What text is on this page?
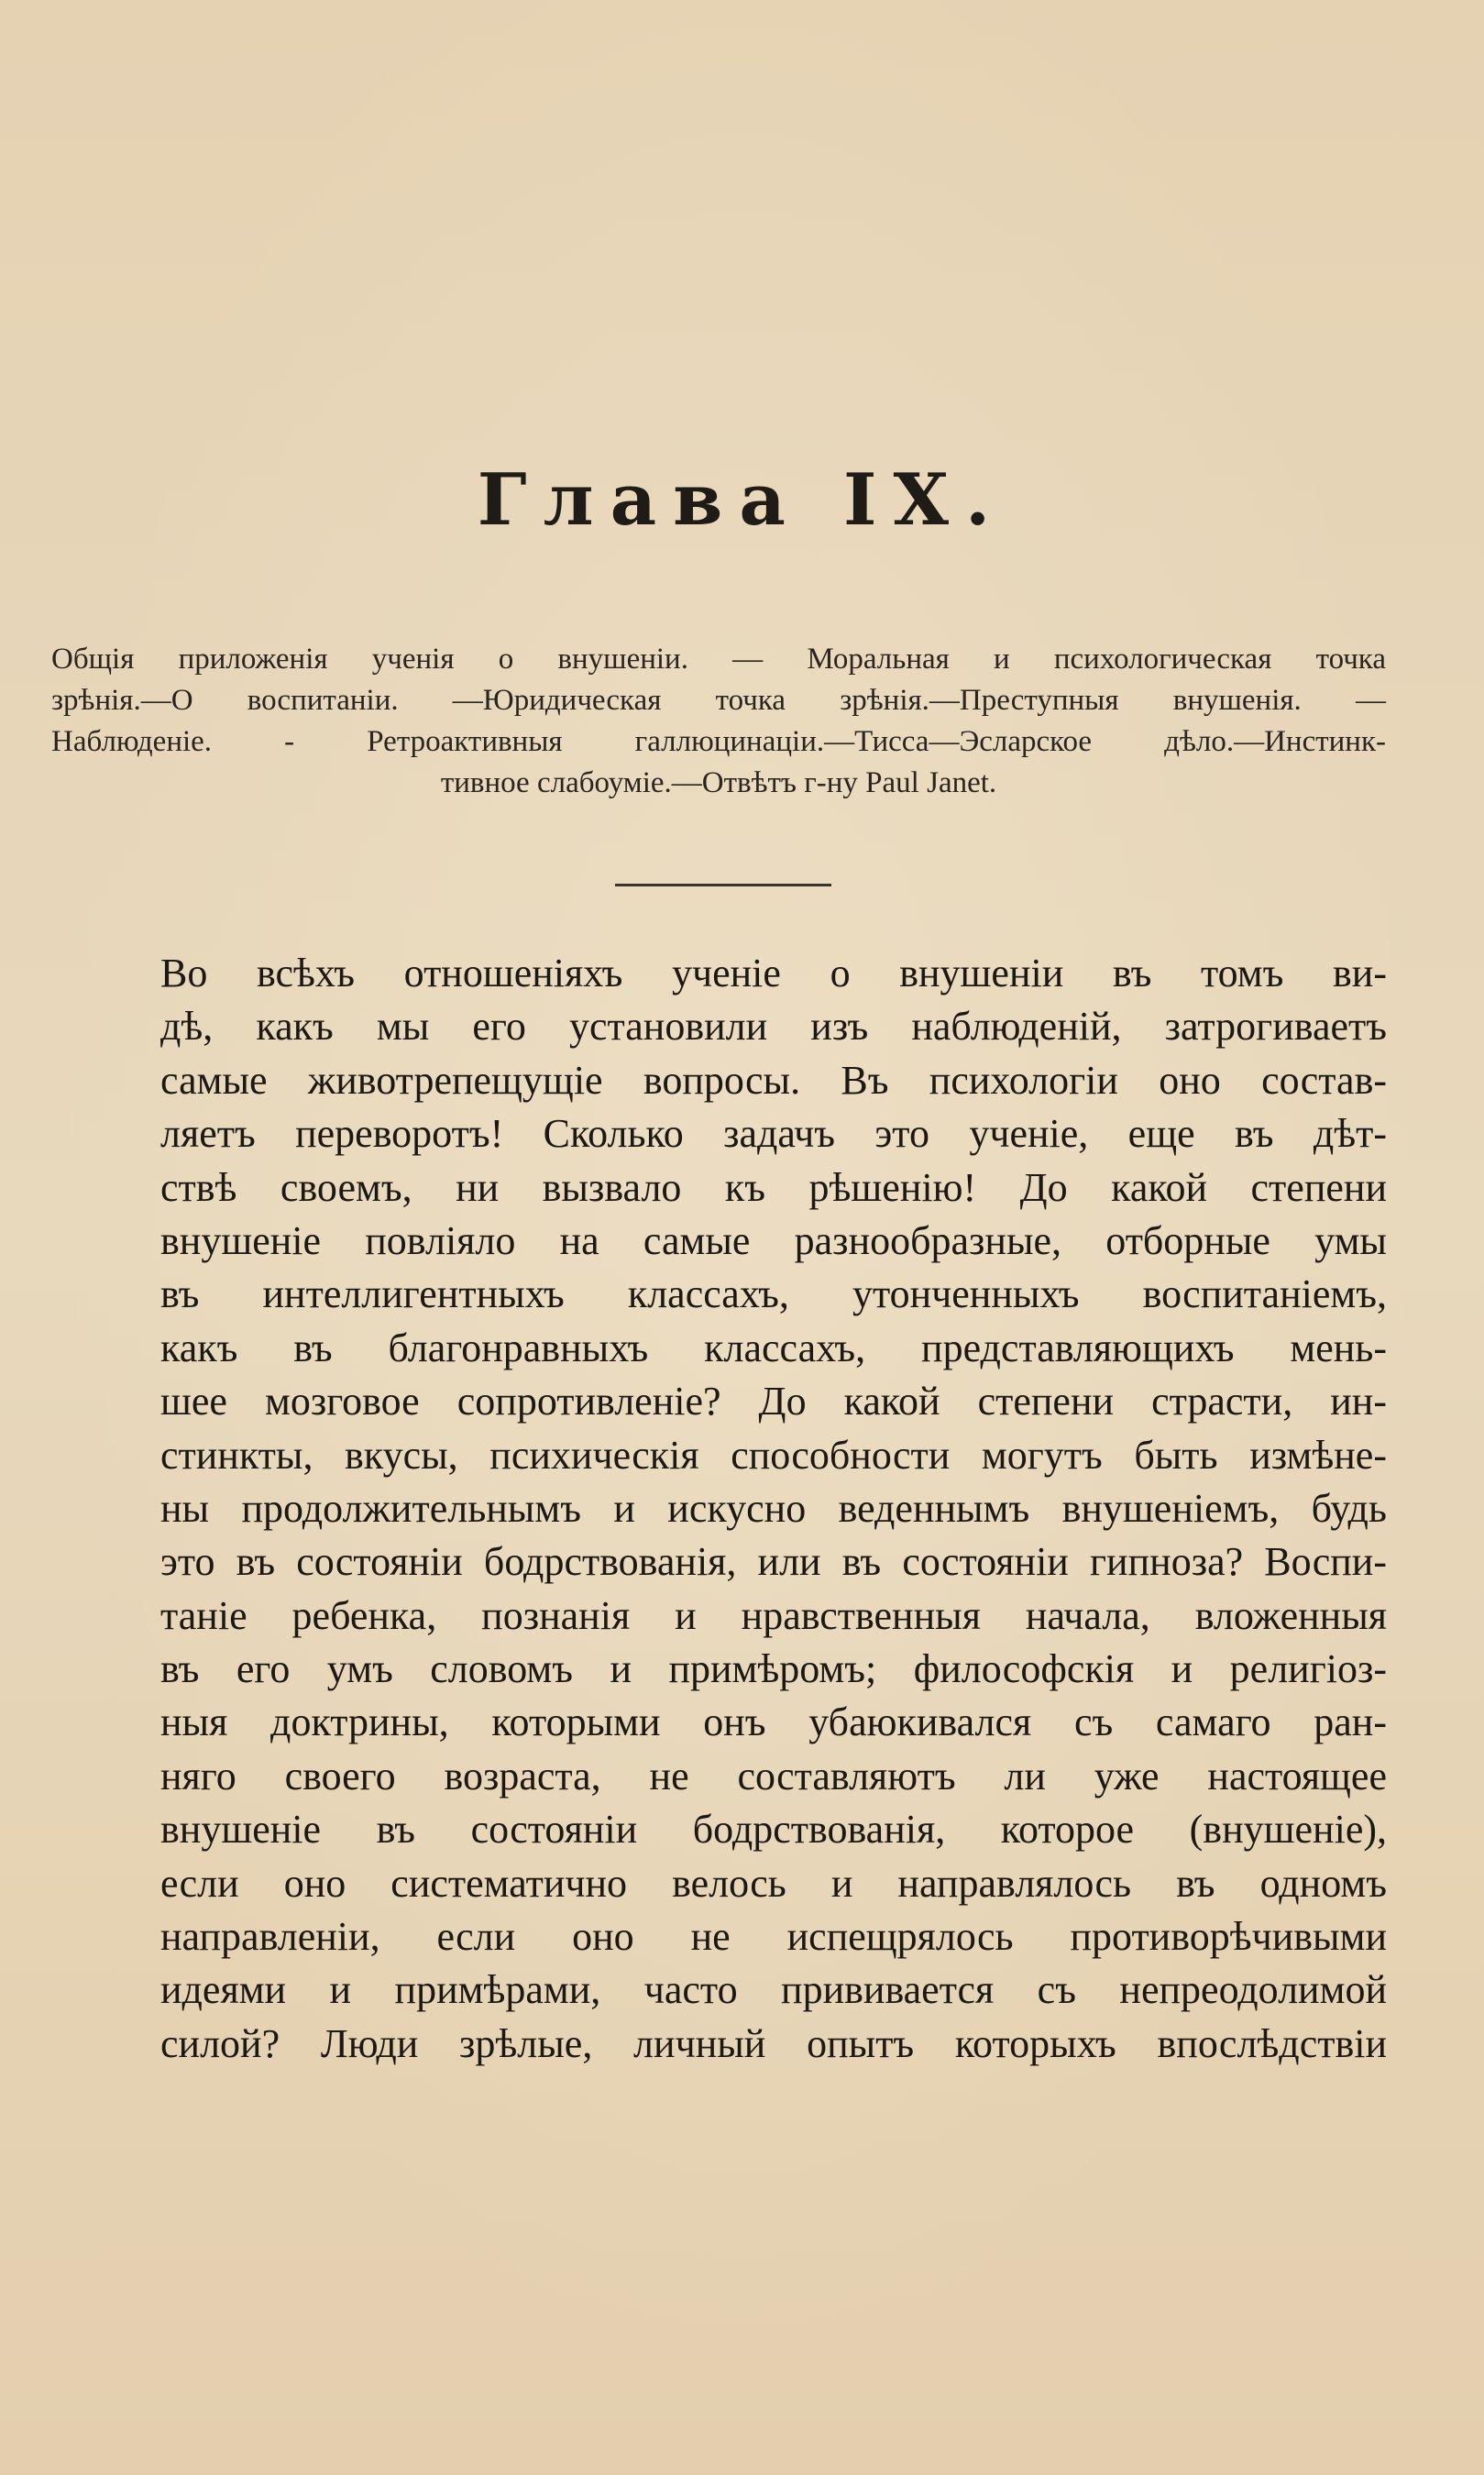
Глава IX.
Общія приложенія ученія о внушеніи. — Моральная и психологическая точка
зрѣнія.—О воспитаніи. —Юридическая точка зрѣнія.—Преступныя внушенія. —
Наблюденіе. - Ретроактивныя галлюцинаціи.—Тисса—Эсларское дѣло.—Инстинк-
тивное слабоуміе.—Отвѣтъ г-ну Paul Janet.
Во всѣхъ отношеніяхъ ученіе о внушеніи въ томъ ви-
дѣ, какъ мы его установили изъ наблюденій, затрогиваетъ
самые животрепещущіе вопросы. Въ психологіи оно состав-
ляетъ переворотъ! Сколько задачъ это ученіе, еще въ дѣт-
ствѣ своемъ, ни вызвало къ рѣшенію! До какой степени
внушеніе повліяло на самые разнообразные, отборные умы
въ интеллигентныхъ классахъ, утонченныхъ воспитаніемъ,
какъ въ благонравныхъ классахъ, представляющихъ мень-
шее мозговое сопротивленіе? До какой степени страсти, ин-
стинкты, вкусы, психическія способности могутъ быть измѣне-
ны продолжительнымъ и искусно веденнымъ внушеніемъ, будь
это въ состояніи бодрствованія, или въ состояніи гипноза? Воспи-
таніе ребенка, познанія и нравственныя начала, вложенныя
въ его умъ словомъ и примѣромъ; философскія и религіоз-
ныя доктрины, которыми онъ убаюкивался съ самаго ран-
няго своего возраста, не составляютъ ли уже настоящее
внушеніе въ состояніи бодрствованія, которое (внушеніе),
если оно систематично велось и направлялось въ одномъ
направленіи, если оно не испещрялось противорѣчивыми
идеями и примѣрами, часто прививается съ непреодолимой
силой? Люди зрѣлые, личный опытъ которыхъ впослѣдствіи
